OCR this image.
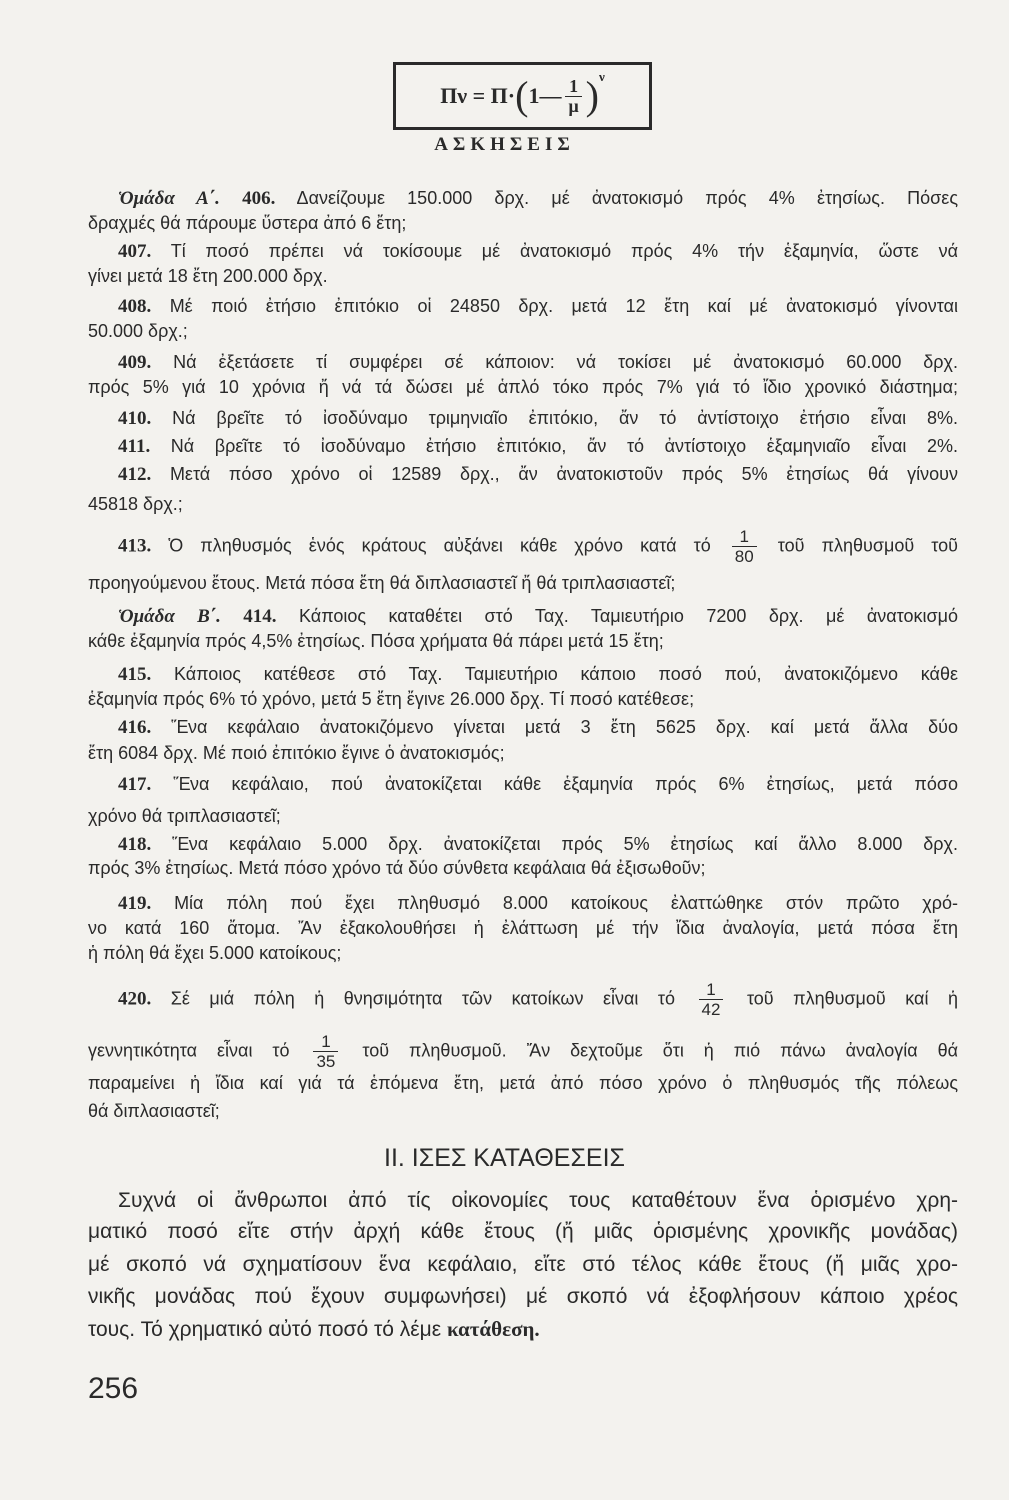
Πν = Π· ( 1— $\frac{1}{\mu} )^\nu$
ΑΣΚΗΣΕΙΣ
Ὁμάδα Α΄. 406. Δανείζουμε 150.000 δρχ. μέ ἀνατοκισμό πρός 4% ἐτησίως. Πόσες
δραχμές θά πάρουμε ὕστερα ἀπό 6 ἔτη;
407. Τί ποσό πρέπει νά τοκίσουμε μέ ἀνατοκισμό πρός 4% τήν ἑξαμηνία, ὥστε νά
γίνει μετά 18 ἔτη 200.000 δρχ.
408. Μέ ποιό ἐτήσιο ἐπιτόκιο οἱ 24850 δρχ. μετά 12 ἔτη καί μέ ἀνατοκισμό γίνονται
50.000 δρχ.;
409. Νά ἐξετάσετε τί συμφέρει σέ κάποιον: νά τοκίσει μέ ἀνατοκισμό 60.000 δρχ.
πρός 5% γιά 10 χρόνια ἤ νά τά δώσει μέ ἁπλό τόκο πρός 7% γιά τό ἴδιο χρονικό διάστημα;
410. Νά βρεῖτε τό ἰσοδύναμο τριμηνιαῖο ἐπιτόκιο, ἄν τό ἀντίστοιχο ἐτήσιο εἶναι 8%.
411. Νά βρεῖτε τό ἰσοδύναμο ἐτήσιο ἐπιτόκιο, ἄν τό ἀντίστοιχο ἑξαμηνιαῖο εἶναι 2%.
412. Μετά πόσο χρόνο οἱ 12589 δρχ., ἄν ἀνατοκιστοῦν πρός 5% ἐτησίως θά γίνουν
45818 δρχ.;
413. Ὁ πληθυσμός ἑνός κράτους αὐξάνει κάθε χρόνο κατά τό $\frac{1}{80}$ τοῦ πληθυσμοῦ τοῦ
προηγούμενου ἔτους. Μετά πόσα ἔτη θά διπλασιαστεῖ ἤ θά τριπλασιαστεῖ;
Ὁμάδα Β΄. 414. Κάποιος καταθέτει στό Ταχ. Ταμιευτήριο 7200 δρχ. μέ ἀνατοκισμό
κάθε ἑξαμηνία πρός 4,5% ἐτησίως. Πόσα χρήματα θά πάρει μετά 15 ἔτη;
415. Κάποιος κατέθεσε στό Ταχ. Ταμιευτήριο κάποιο ποσό πού, ἀνατοκιζόμενο κάθε
ἑξαμηνία πρός 6% τό χρόνο, μετά 5 ἔτη ἔγινε 26.000 δρχ. Τί ποσό κατέθεσε;
416. Ἕνα κεφάλαιο ἀνατοκιζόμενο γίνεται μετά 3 ἔτη 5625 δρχ. καί μετά ἄλλα δύο
ἔτη 6084 δρχ. Μέ ποιό ἐπιτόκιο ἔγινε ὁ ἀνατοκισμός;
417. Ἕνα κεφάλαιο, πού ἀνατοκίζεται κάθε ἑξαμηνία πρός 6% ἐτησίως, μετά πόσο
χρόνο θά τριπλασιαστεῖ;
418. Ἕνα κεφάλαιο 5.000 δρχ. ἀνατοκίζεται πρός 5% ἐτησίως καί ἄλλο 8.000 δρχ.
πρός 3% ἐτησίως. Μετά πόσο χρόνο τά δύο σύνθετα κεφάλαια θά ἐξισωθοῦν;
419. Μία πόλη πού ἔχει πληθυσμό 8.000 κατοίκους ἐλαττώθηκε στόν πρῶτο χρό-
νο κατά 160 ἄτομα. Ἄν ἐξακολουθήσει ἡ ἐλάττωση μέ τήν ἴδια ἀναλογία, μετά πόσα ἔτη
ἡ πόλη θά ἔχει 5.000 κατοίκους;
420. Σέ μιά πόλη ἡ θνησιμότητα τῶν κατοίκων εἶναι τό $\frac{1}{42}$ τοῦ πληθυσμοῦ καί ἡ
γεννητικότητα εἶναι τό $\frac{1}{35}$ τοῦ πληθυσμοῦ. Ἄν δεχτοῦμε ὅτι ἡ πιό πάνω ἀναλογία θά
παραμείνει ἡ ἴδια καί γιά τά ἑπόμενα ἔτη, μετά ἀπό πόσο χρόνο ὁ πληθυσμός τῆς πόλεως
θά διπλασιαστεῖ;
II. ΙΣΕΣ ΚΑΤΑΘΕΣΕΙΣ
Συχνά οἱ ἄνθρωποι ἀπό τίς οἰκονομίες τους καταθέτουν ἕνα ὁρισμένο χρη-
ματικό ποσό εἴτε στήν ἀρχή κάθε ἔτους (ἤ μιᾶς ὁρισμένης χρονικῆς μονάδας)
μέ σκοπό νά σχηματίσουν ἕνα κεφάλαιο, εἴτε στό τέλος κάθε ἔτους (ἤ μιᾶς χρο-
νικῆς μονάδας πού ἔχουν συμφωνήσει) μέ σκοπό νά ἐξοφλήσουν κάποιο χρέος
τους. Τό χρηματικό αὐτό ποσό τό λέμε κατάθεση.
256
